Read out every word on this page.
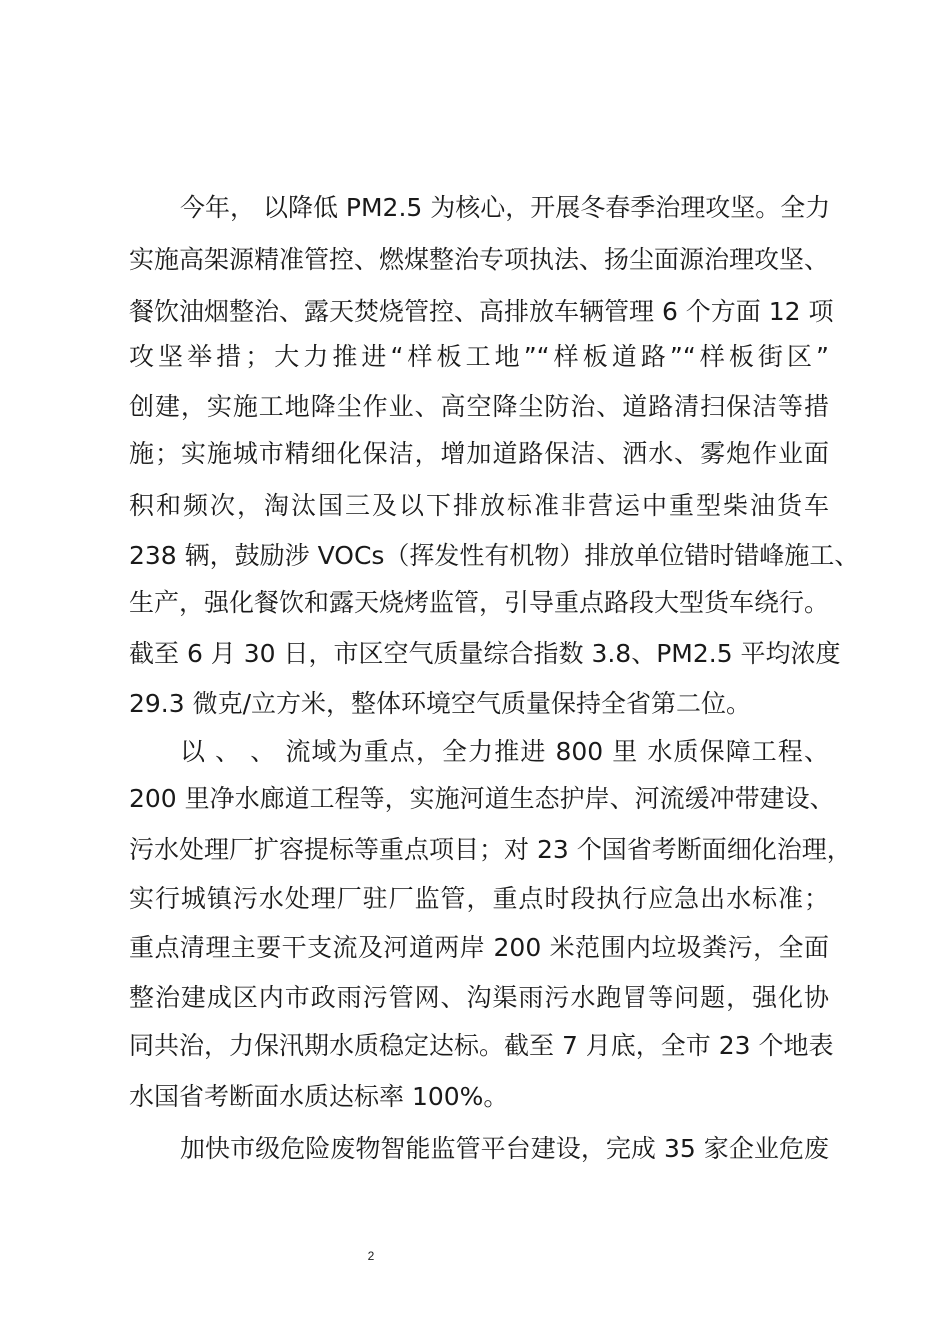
今年， 以降低 PM2.5 为核心，开展冬春季治理攻坚。全力
实施高架源精准管控、燃煤整治专项执法、扬尘面源治理攻坚、
餐饮油烟整治、露天焚烧管控、高排放车辆管理 6 个方面 12 项
攻坚举措；大力推进“样板工地”“样板道路”“样板街区”
创建，实施工地降尘作业、高空降尘防治、道路清扫保洁等措
施；实施城市精细化保洁，增加道路保洁、洒水、雾炮作业面
积和频次，淘汰国三及以下排放标准非营运中重型柴油货车
238 辆，鼓励涉 VOCs（挥发性有机物）排放单位错时错峰施工、
生产，强化餐饮和露天烧烤监管，引导重点路段大型货车绕行。
截至 6 月 30 日，市区空气质量综合指数 3.8、PM2.5 平均浓度
29.3 微克/立方米，整体环境空气质量保持全省第二位。
以 、 、 流域为重点，全力推进 800 里 水质保障工程、
200 里净水廊道工程等，实施河道生态护岸、河流缓冲带建设、
污水处理厂扩容提标等重点项目；对 23 个国省考断面细化治理，
实行城镇污水处理厂驻厂监管，重点时段执行应急出水标准；
重点清理主要干支流及河道两岸 200 米范围内垃圾粪污，全面
整治建成区内市政雨污管网、沟渠雨污水跑冒等问题，强化协
同共治，力保汛期水质稳定达标。截至 7 月底，全市 23 个地表
水国省考断面水质达标率 100%。
加快市级危险废物智能监管平台建设，完成 35 家企业危废
2
